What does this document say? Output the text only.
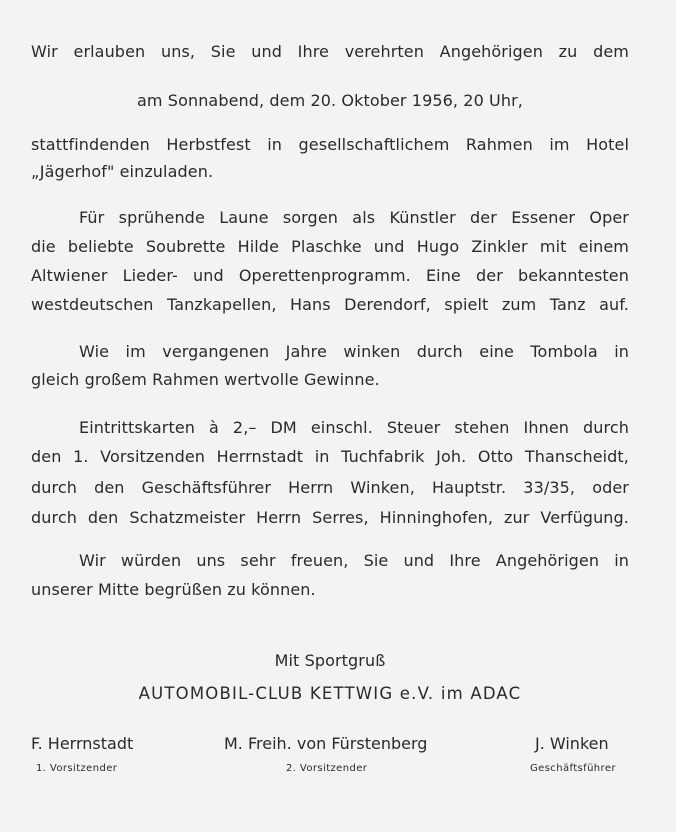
Wir erlauben uns, Sie und Ihre verehrten Angehörigen zu dem
am Sonnabend, dem 20. Oktober 1956, 20 Uhr,
stattfindenden Herbstfest in gesellschaftlichem Rahmen im Hotel
„Jägerhof" einzuladen.
Für sprühende Laune sorgen als Künstler der Essener Oper
die beliebte Soubrette Hilde Plaschke und Hugo Zinkler mit einem
Altwiener Lieder- und Operettenprogramm. Eine der bekanntesten
westdeutschen Tanzkapellen, Hans Derendorf, spielt zum Tanz auf.
Wie im vergangenen Jahre winken durch eine Tombola in
gleich großem Rahmen wertvolle Gewinne.
Eintrittskarten à 2,– DM einschl. Steuer stehen Ihnen durch
den 1. Vorsitzenden Herrnstadt in Tuchfabrik Joh. Otto Thanscheidt,
durch den Geschäftsführer Herrn Winken, Hauptstr. 33/35, oder
durch den Schatzmeister Herrn Serres, Hinninghofen, zur Verfügung.
Wir würden uns sehr freuen, Sie und Ihre Angehörigen in
unserer Mitte begrüßen zu können.
Mit Sportgruß
AUTOMOBIL-CLUB KETTWIG e.V. im ADAC
F. Herrnstadt
1. Vorsitzender
M. Freih. von Fürstenberg
2. Vorsitzender
J. Winken
Geschäftsführer
